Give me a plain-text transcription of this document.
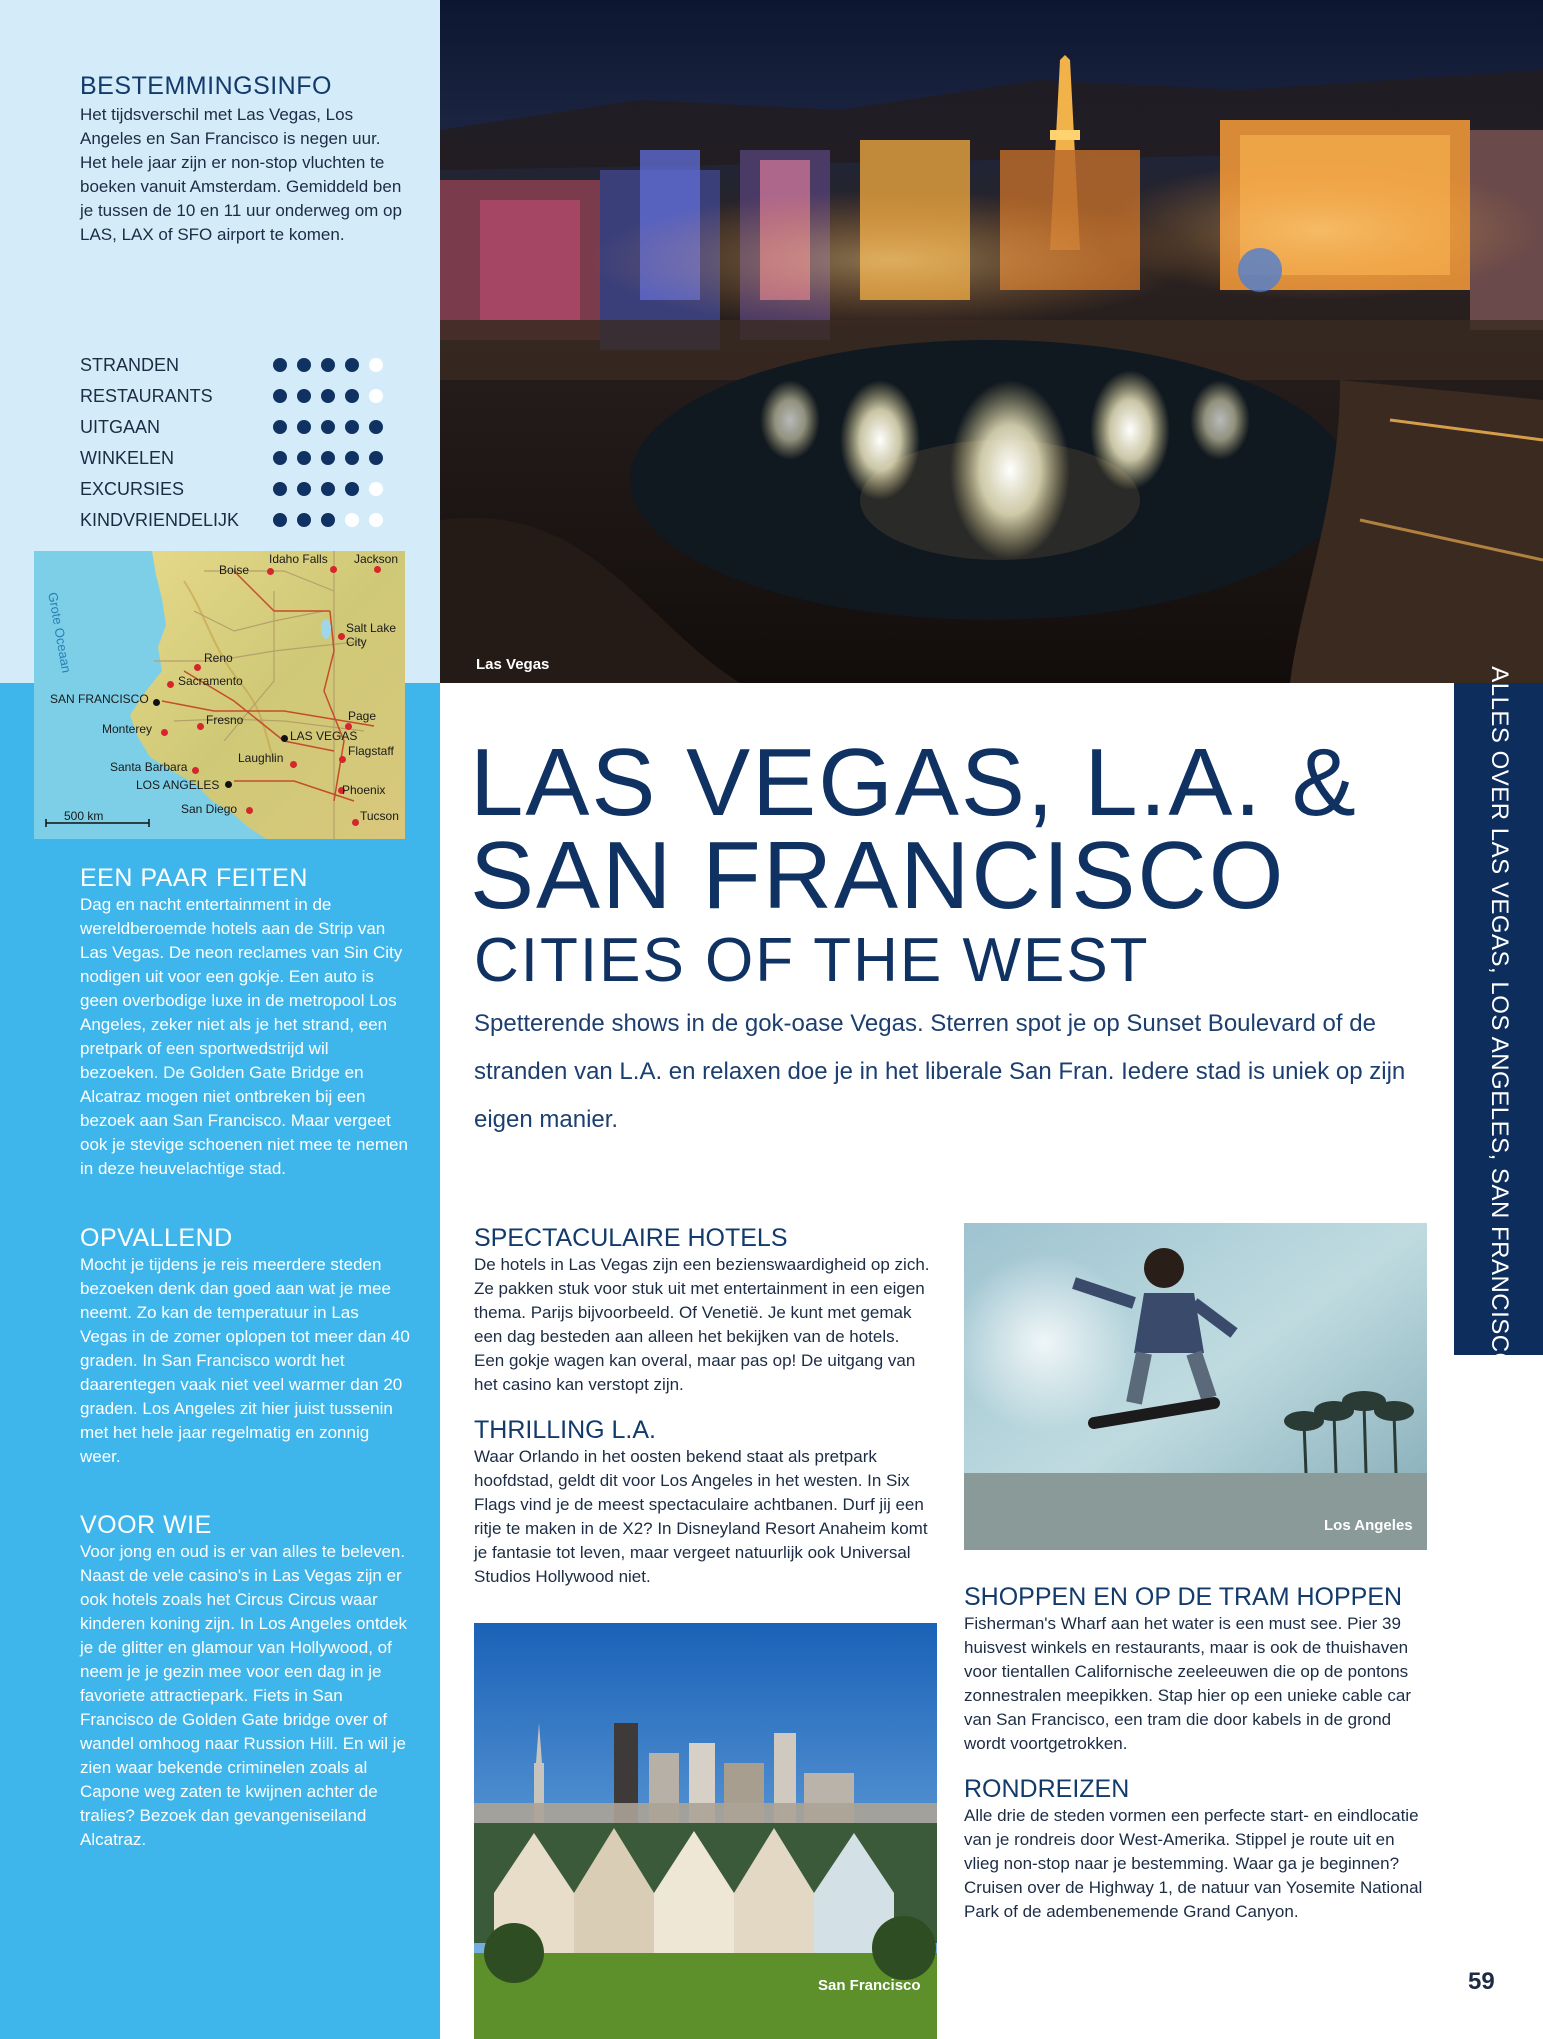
BESTEMMINGSINFO
Het tijdsverschil met Las Vegas, Los Angeles en San Francisco is negen uur. Het hele jaar zijn er non-stop vluchten te boeken vanuit Amsterdam. Gemiddeld ben je tussen de 10 en 11 uur onderweg om op LAS, LAX of SFO airport te komen.
STRANDEN
RESTAURANTS
UITGAAN
WINKELEN
EXCURSIES
KINDVRIENDELIJK
Grote Oceaan
500 km
Boise
Idaho Falls Jackson
Salt Lake
City
Reno
Sacramento
SAN FRANCISCO
Fresno
Monterey
Page
LAS VEGAS
Flagstaff
Laughlin
Santa Barbara
LOS ANGELES	Phoenix
San Diego	Tucson
EEN PAAR FEITEN
Dag en nacht entertainment in de wereldberoemde hotels aan de Strip van Las Vegas. De neon reclames van Sin City nodigen uit voor een gokje. Een auto is geen overbodige luxe in de metropool Los Angeles, zeker niet als je het strand, een pretpark of een sportwedstrijd wil bezoeken. De Golden Gate Bridge en Alcatraz mogen niet ontbreken bij een bezoek aan San Francisco. Maar vergeet ook je stevige schoenen niet mee te nemen in deze heuvelachtige stad.
OPVALLEND
Mocht je tijdens je reis meerdere steden bezoeken denk dan goed aan wat je mee neemt. Zo kan de temperatuur in Las Vegas in de zomer oplopen tot meer dan 40 graden. In San Francisco wordt het daarentegen vaak niet veel warmer dan 20 graden. Los Angeles zit hier juist tussenin met het hele jaar regelmatig en zonnig weer.
VOOR WIE
Voor jong en oud is er van alles te beleven. Naast de vele casino's in Las Vegas zijn er ook hotels zoals het Circus Circus waar kinderen koning zijn. In Los Angeles ontdek je de glitter en glamour van Hollywood, of neem je je gezin mee voor een dag in je favoriete attractiepark. Fiets in San Francisco de Golden Gate bridge over of wandel omhoog naar Russion Hill. En wil je zien waar bekende criminelen zoals al Capone weg zaten te kwijnen achter de tralies? Bezoek dan gevangeniseiland Alcatraz.
Las Vegas
ALLES OVER LAS VEGAS, LOS ANGELES, SAN FRANCISCO
LAS VEGAS, L.A. &
SAN FRANCISCO
CITIES OF THE WEST
Spetterende shows in de gok-oase Vegas. Sterren spot je op Sunset Boulevard of de stranden van L.A. en relaxen doe je in het liberale San Fran. Iedere stad is uniek op zijn eigen manier.
SPECTACULAIRE HOTELS
De hotels in Las Vegas zijn een bezienswaardigheid op zich. Ze pakken stuk voor stuk uit met entertainment in een eigen thema. Parijs bijvoorbeeld. Of Venetië. Je kunt met gemak een dag besteden aan alleen het bekijken van de hotels. Een gokje wagen kan overal, maar pas op! De uitgang van het casino kan verstopt zijn.
THRILLING L.A.
Waar Orlando in het oosten bekend staat als pretpark hoofdstad, geldt dit voor Los Angeles in het westen. In Six Flags vind je de meest spectaculaire achtbanen. Durf jij een ritje te maken in de X2? In Disneyland Resort Anaheim komt je fantasie tot leven, maar vergeet natuurlijk ook Universal Studios Hollywood niet.
San Francisco
Los Angeles
SHOPPEN EN OP DE TRAM HOPPEN
Fisherman's Wharf aan het water is een must see. Pier 39 huisvest winkels en restaurants, maar is ook de thuishaven voor tientallen Californische zeeleeuwen die op de pontons zonnestralen meepikken. Stap hier op een unieke cable car van San Francisco, een tram die door kabels in de grond wordt voortgetrokken.
RONDREIZEN
Alle drie de steden vormen een perfecte start- en eindlocatie van je rondreis door West-Amerika. Stippel je route uit en vlieg non-stop naar je bestemming. Waar ga je beginnen? Cruisen over de Highway 1, de natuur van Yosemite National Park of de adembenemende Grand Canyon.
59
